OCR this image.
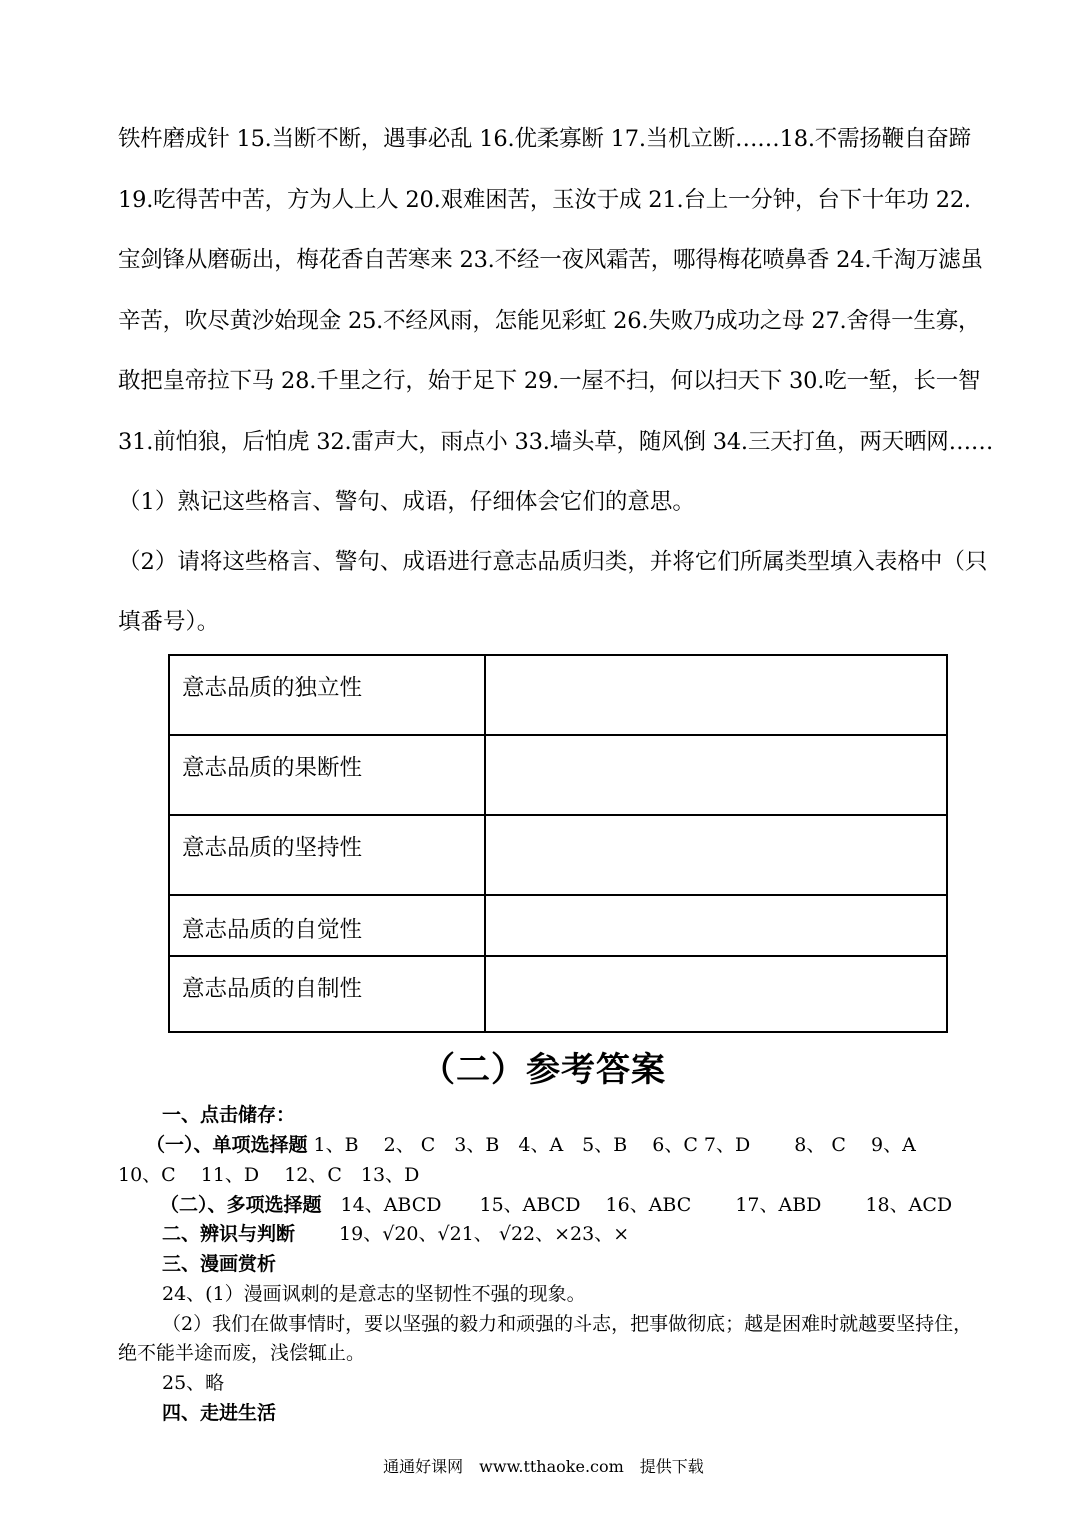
铁杵磨成针 15.当断不断，遇事必乱 16.优柔寡断 17.当机立断……18.不需扬鞭自奋蹄
19.吃得苦中苦，方为人上人 20.艰难困苦，玉汝于成 21.台上一分钟，台下十年功 22.
宝剑锋从磨砺出，梅花香自苦寒来 23.不经一夜风霜苦，哪得梅花喷鼻香 24.千淘万滤虽
辛苦，吹尽黄沙始现金 25.不经风雨，怎能见彩虹 26.失败乃成功之母 27.舍得一生寡，
敢把皇帝拉下马 28.千里之行，始于足下 29.一屋不扫，何以扫天下 30.吃一堑，长一智
31.前怕狼，后怕虎 32.雷声大，雨点小 33.墙头草，随风倒 34.三天打鱼，两天晒网……
（1）熟记这些格言、警句、成语，仔细体会它们的意思。
（2）请将这些格言、警句、成语进行意志品质归类，并将它们所属类型填入表格中（只
填番号）。
意志品质的独立性
意志品质的果断性
意志品质的坚持性
意志品质的自觉性
意志品质的自制性
（二）参考答案
一、点击储存：
（一）、单项选择题 1、B　 2、 C　3、B　4、A　5、B　 6、C 7、D　　 8、 C　 9、A
10、C　 11、D　 12、C　13、D
（二）、多项选择题　14、ABCD　　15、ABCD　 16、ABC　　 17、ABD　　 18、ACD
二、辨识与判断　　 19、√20、√21、 √22、×23、×
三、漫画赏析
24、(1）漫画讽刺的是意志的坚韧性不强的现象。
（2）我们在做事情时，要以坚强的毅力和顽强的斗志，把事做彻底；越是困难时就越要坚持住，
绝不能半途而废，浅偿辄止。
25、略
四、走进生活
通通好课网　www.tthaoke.com　提供下载
